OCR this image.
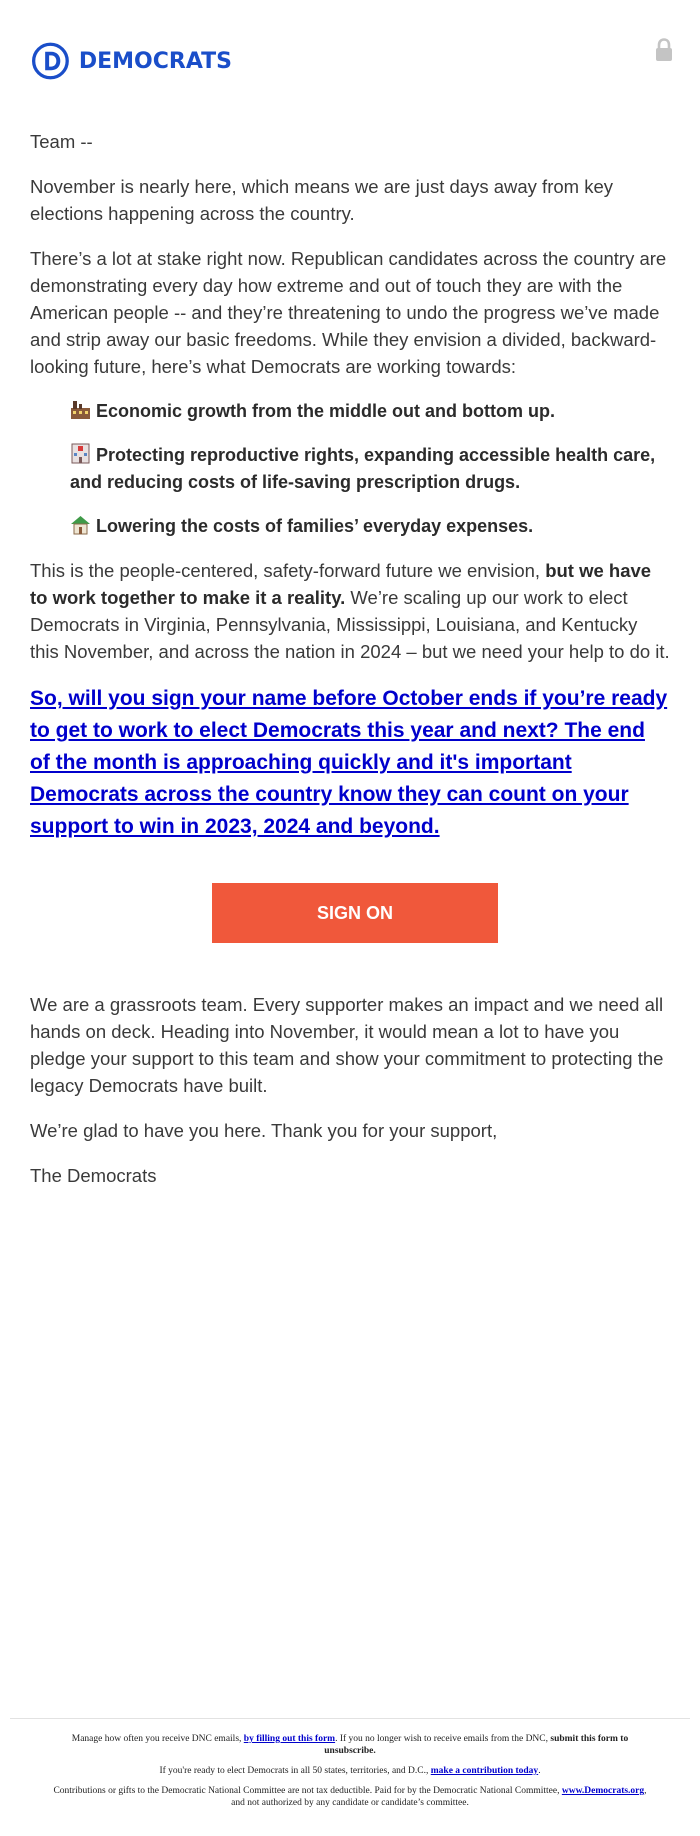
DEMOCRATS

Team --

November is nearly here, which means we are just days away from key elections happening across the country.

There’s a lot at stake right now. Republican candidates across the country are demonstrating every day how extreme and out of touch they are with the American people -- and they’re threatening to undo the progress we’ve made and strip away our basic freedoms. While they envision a divided, backward-looking future, here’s what Democrats are working towards:

Economic growth from the middle out and bottom up.
Protecting reproductive rights, expanding accessible health care, and reducing costs of life-saving prescription drugs.
Lowering the costs of families’ everyday expenses.

This is the people-centered, safety-forward future we envision, but we have to work together to make it a reality. We’re scaling up our work to elect Democrats in Virginia, Pennsylvania, Mississippi, Louisiana, and Kentucky this November, and across the nation in 2024 – but we need your help to do it.

So, will you sign your name before October ends if you’re ready to get to work to elect Democrats this year and next? The end of the month is approaching quickly and it's important Democrats across the country know they can count on your support to win in 2023, 2024 and beyond.
SIGN ON

We are a grassroots team. Every supporter makes an impact and we need all hands on deck. Heading into November, it would mean a lot to have you pledge your support to this team and show your commitment to protecting the legacy Democrats have built.

We’re glad to have you here. Thank you for your support,

The Democrats

Manage how often you receive DNC emails, by filling out this form. If you no longer wish to receive emails from the DNC, submit this form to unsubscribe.

If you're ready to elect Democrats in all 50 states, territories, and D.C., make a contribution today.

Contributions or gifts to the Democratic National Committee are not tax deductible. Paid for by the Democratic National Committee, www.Democrats.org, and not authorized by any candidate or candidate’s committee.
